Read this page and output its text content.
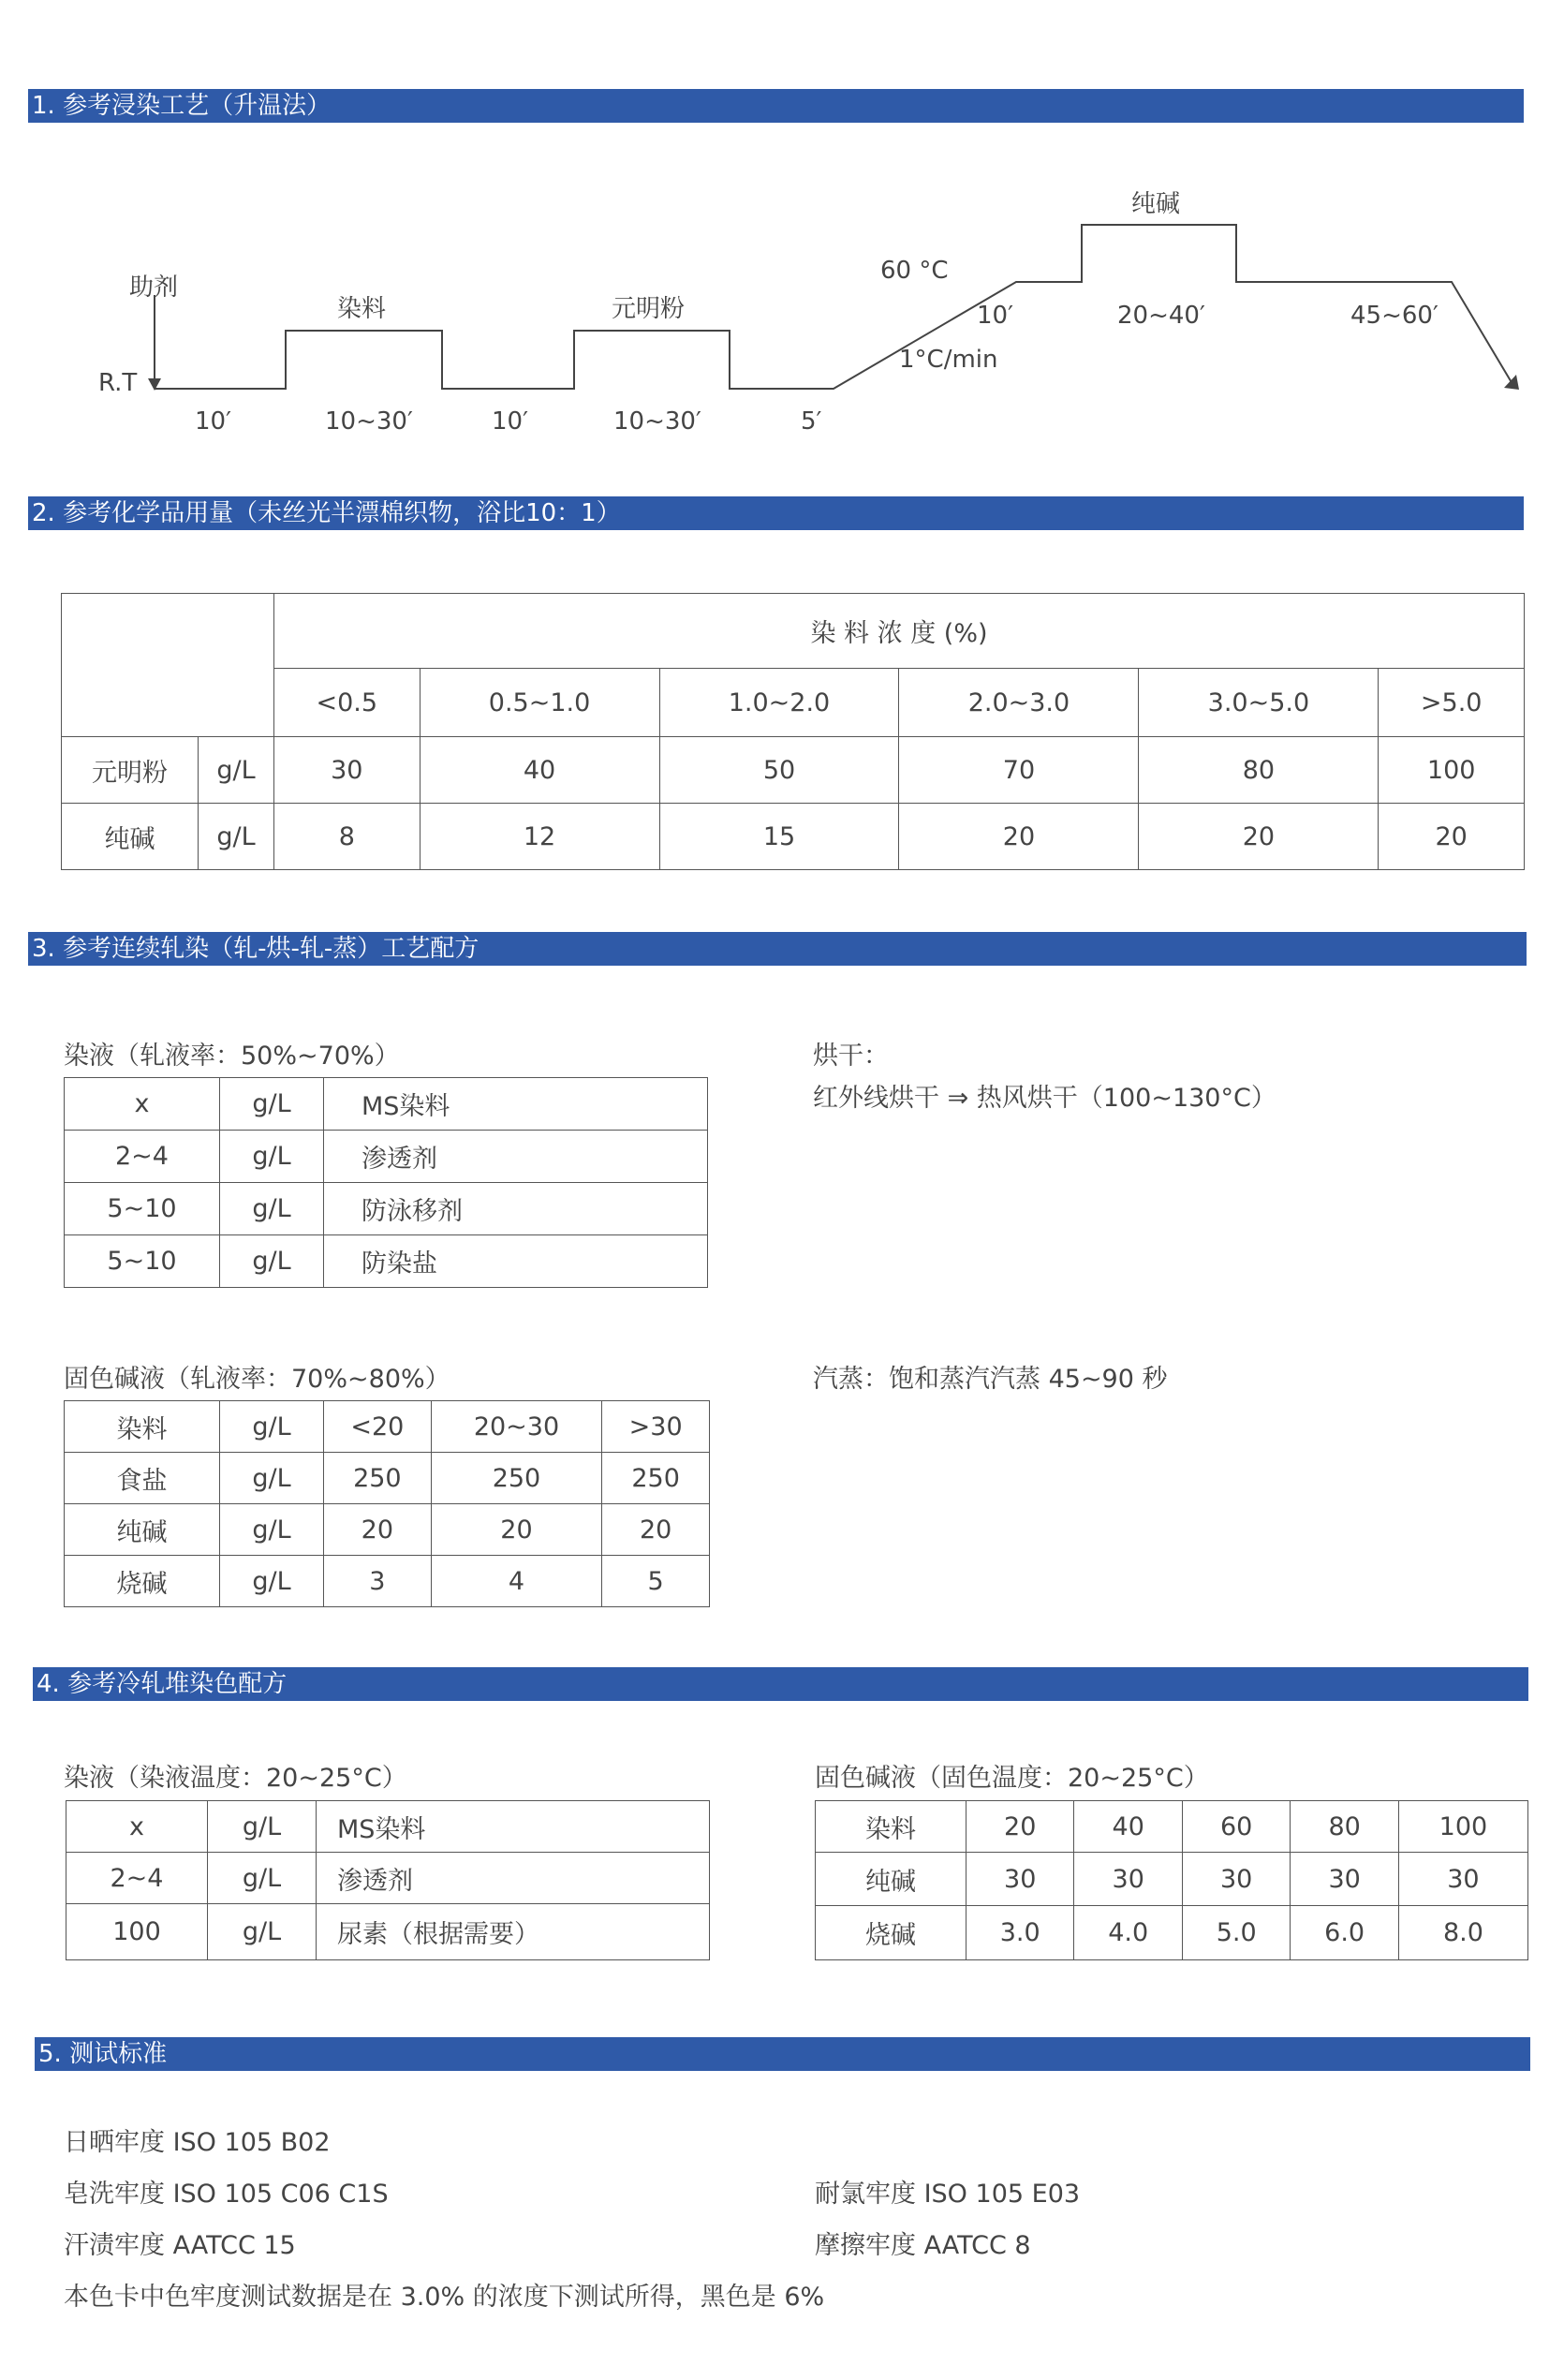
1. 参考浸染工艺（升温法）
助剂
R.T
染料	元明粉
纯碱
60 °C
1°C/min
10′	10~30′	10′	10~30′	5′
10′	20~40′	45~60′
2. 参考化学品用量（未丝光半漂棉织物，浴比10：1）
		染 料 浓 度 (%)					
		<0.5	0.5~1.0	1.0~2.0	2.0~3.0	3.0~5.0	>5.0
元明粉	g/L	30	40	50	70	80	100
纯碱	g/L	8	12	15	20	20	20
3. 参考连续轧染（轧-烘-轧-蒸）工艺配方
染液（轧液率：50%~70%）
x	g/L	MS染料
2~4	g/L	渗透剂
5~10	g/L	防泳移剂
5~10	g/L	防染盐
烘干：
红外线烘干 ⇒ 热风烘干（100~130°C）
固色碱液（轧液率：70%~80%）
染料	g/L	<20	20~30	>30
食盐	g/L	250	250	250
纯碱	g/L	20	20	20
烧碱	g/L	3	4	5
汽蒸：饱和蒸汽汽蒸 45~90 秒
4. 参考冷轧堆染色配方
染液（染液温度：20~25°C）
x	g/L	MS染料
2~4	g/L	渗透剂
100	g/L	尿素（根据需要）
固色碱液（固色温度：20~25°C）
染料	20	40	60	80	100
纯碱	30	30	30	30	30
烧碱	3.0	4.0	5.0	6.0	8.0
5. 测试标准
日晒牢度 ISO 105 B02
皂洗牢度 ISO 105 C06 C1S	耐氯牢度 ISO 105 E03
汗渍牢度 AATCC 15	摩擦牢度 AATCC 8
本色卡中色牢度测试数据是在 3.0% 的浓度下测试所得，黑色是 6%
